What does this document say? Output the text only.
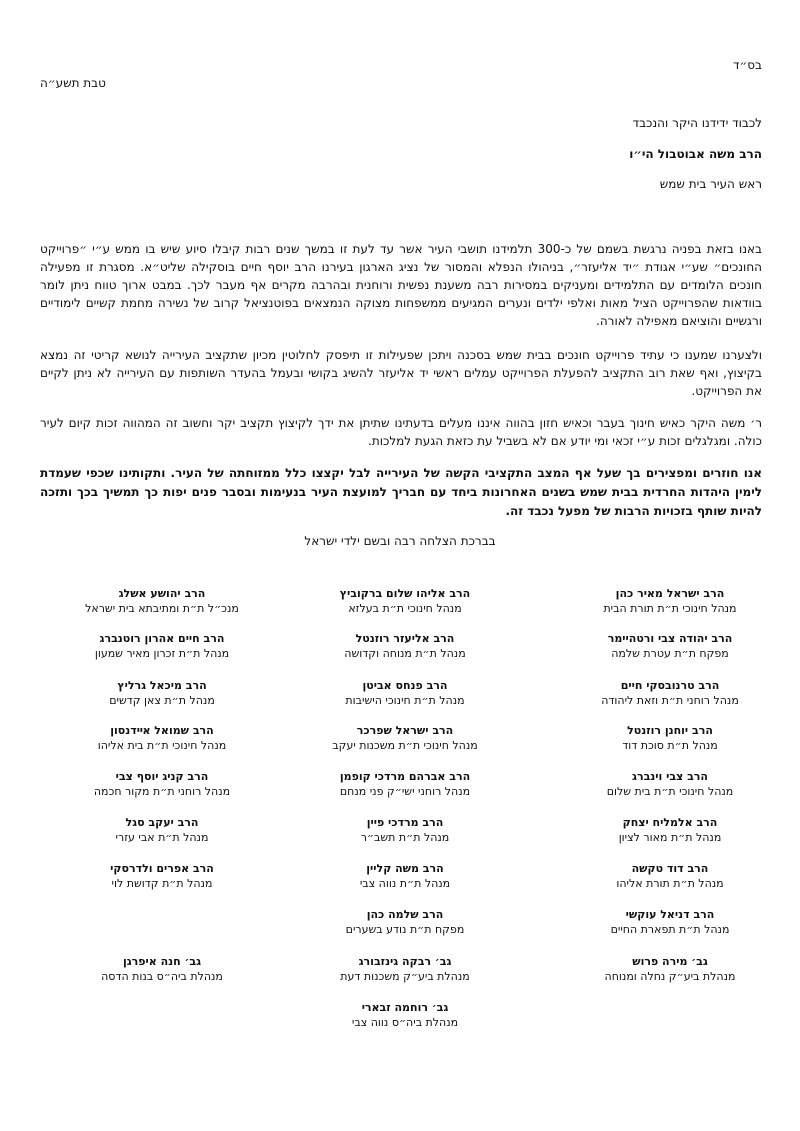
בס״ד
טבת תשע״ה
לכבוד ידידנו היקר והנכבד
הרב משה אבוטבול הי״ו
ראש העיר בית שמש

באנו בזאת בפניה נרגשת בשמם של כ-300 תלמידנו תושבי העיר אשר עד לעת זו במשך שנים רבות קיבלו סיוע שיש בו ממש ע״י ״פרוייקט החונכים״ שע״י אגודת ״יד אליעזר״, בניהולו הנפלא והמסור של נציג הארגון בעירנו הרב יוסף חיים בוסקילה שליט״א. מסגרת זו מפעילה חונכים הלומדים עם התלמידים ומעניקים במסירות רבה משענת נפשית ורוחנית ובהרבה מקרים אף מעבר לכך. במבט ארוך טווח ניתן לומר בוודאות שהפרוייקט הציל מאות ואלפי ילדים ונערים המגיעים ממשפחות מצוקה הנמצאים בפוטנציאל קרוב של נשירה מחמת קשיים לימודיים ורגשיים והוציאם מאפילה לאורה.

ולצערנו שמענו כי עתיד פרוייקט חונכים בבית שמש בסכנה ויתכן שפעילות זו תיפסק לחלוטין מכיון שתקציב העירייה לנושא קריטי זה נמצא בקיצוץ, ואף שאת רוב התקציב להפעלת הפרוייקט עמלים ראשי יד אליעזר להשיג בקושי ובעמל בהעדר השותפות עם העירייה לא ניתן לקיים את הפרוייקט.

ר׳ משה היקר כאיש חינוך בעבר וכאיש חזון בהווה איננו מעלים בדעתינו שתיתן את ידך לקיצוץ תקציב יקר וחשוב זה המהווה זכות קיום לעיר כולה. ומגלגלים זכות ע״י זכאי ומי יודע אם לא בשביל עת כזאת הגעת למלכות.

אנו חוזרים ומפצירים בך שעל אף המצב התקציבי הקשה של העירייה לבל יקצצו כלל ממזוחתה של העיר. ותקותינו שכפי שעמדת לימין היהדות החרדית בבית שמש בשנים האחרונות ביחד עם חבריך למועצת העיר בנעימות ובסבר פנים יפות כך תמשיך בכך ותזכה להיות שותף בזכויות הרבות של מפעל נכבד זה.

בברכת הצלחה רבה ובשם ילדי ישראל
הרב ישראל מאיר כהן
מנהל חינוכי ת״ת תורת הבית
הרב יהודה צבי ורטהיימר
מפקח ת״ת עטרת שלמה
הרב טרנובסקי חיים
מנהל רוחני ת״ת וזאת ליהודה
הרב יוחנן רוזנטל
מנהל ת״ת סוכת דוד
הרב צבי וינברג
מנהל חינוכי ת״ת בית שלום
הרב אלמליח יצחק
מנהל ת״ת מאור לציון
הרב דוד טקשה
מנהל ת״ת תורת אליהו
הרב דניאל עוקשי
מנהל ת״ת תפארת החיים
גב׳ מירה פרוש
מנהלת ביע״ק נחלה ומנוחה
הרב אליהו שלום ברקוביץ
מנהל חינוכי ת״ת בעלזא
הרב אליעזר רוזנטל
מנהל ת״ת מנוחה וקדושה
הרב פנחס אביטן
מנהל ת״ת חינוכי הישיבות
הרב ישראל שפרכר
מנהל חינוכי ת״ת משכנות יעקב
הרב אברהם מרדכי קופמן
מנהל רוחני ישי״ק פני מנחם
הרב מרדכי פיין
מנהל ת״ת תשב״ר
הרב משה קליין
מנהל ת״ת נווה צבי
הרב שלמה כהן
מפקח ת״ת נודע בשערים
גב׳ רבקה גינזבורג
מנהלת ביע״ק משכנות דעת
גב׳ רוחמה זבארי
מנהלת ביה״ס נווה צבי
הרב יהושע אשלג
מנכ״ל ת״ת ומתיבתא בית ישראל
הרב חיים אהרון רוטנברג
מנהל ת״ת זכרון מאיר שמעון
הרב מיכאל גרליץ
מנהל ת״ת צאן קדשים
הרב שמואל אײדנסון
מנהל חינוכי ת״ת בית אליהו
הרב קניג יוסף צבי
מנהל רוחני ת״ת מקור חכמה
הרב יעקב סגל
מנהל ת״ת אבי עזרי
הרב אפרים ולדרסקי
מנהל ת״ת קדושת לוי
גב׳ חנה איפרגן
מנהלת ביה״ס בנות הדסה
